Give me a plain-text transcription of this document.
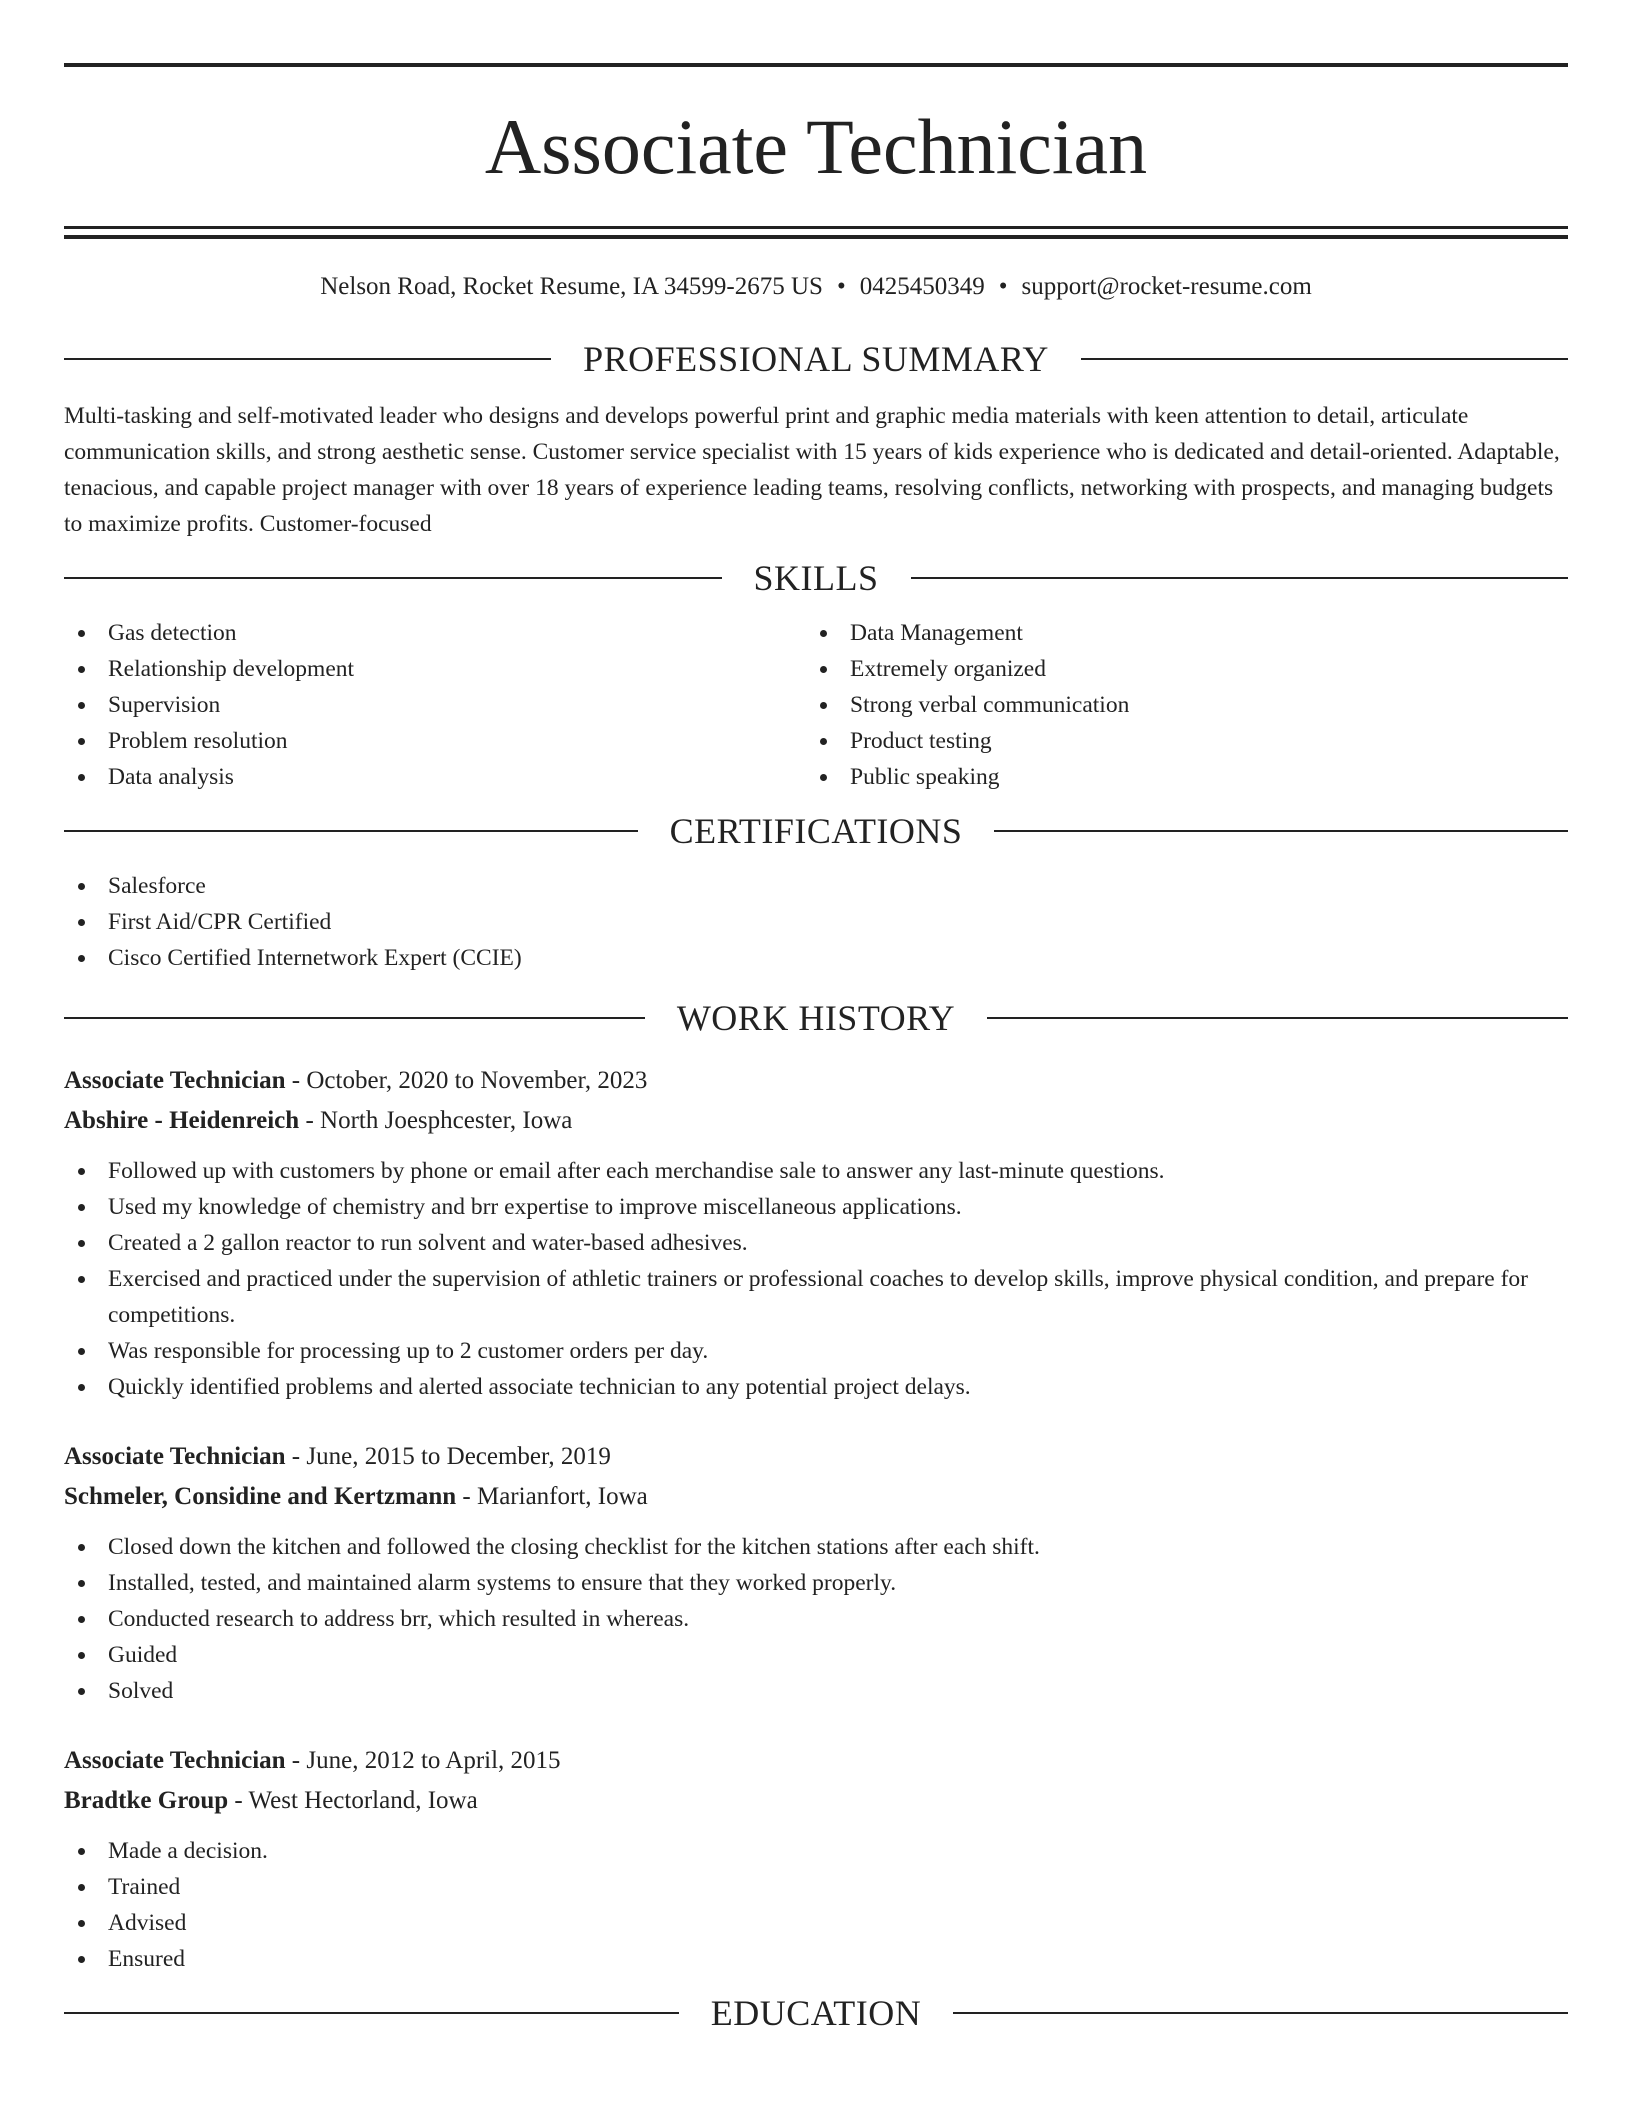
Associate Technician
Nelson Road, Rocket Resume, IA 34599-2675 US • 0425450349 • support@rocket-resume.com
PROFESSIONAL SUMMARY

Multi-tasking and self-motivated leader who designs and develops powerful print and graphic media materials with keen attention to detail, articulate communication skills, and strong aesthetic sense. Customer service specialist with 15 years of kids experience who is dedicated and detail-oriented. Adaptable, tenacious, and capable project manager with over 18 years of experience leading teams, resolving conflicts, networking with prospects, and managing budgets to maximize profits. Customer-focused

SKILLS
Gas detection
Relationship development
Supervision
Problem resolution
Data analysis
Data Management
Extremely organized
Strong verbal communication
Product testing
Public speaking
CERTIFICATIONS
Salesforce
First Aid/CPR Certified
Cisco Certified Internetwork Expert (CCIE)
WORK HISTORY
Associate Technician - October, 2020 to November, 2023
Abshire - Heidenreich - North Joesphcester, Iowa
Followed up with customers by phone or email after each merchandise sale to answer any last-minute questions.
Used my knowledge of chemistry and brr expertise to improve miscellaneous applications.
Created a 2 gallon reactor to run solvent and water-based adhesives.
Exercised and practiced under the supervision of athletic trainers or professional coaches to develop skills, improve physical condition, and prepare for competitions.
Was responsible for processing up to 2 customer orders per day.
Quickly identified problems and alerted associate technician to any potential project delays.
Associate Technician - June, 2015 to December, 2019
Schmeler, Considine and Kertzmann - Marianfort, Iowa
Closed down the kitchen and followed the closing checklist for the kitchen stations after each shift.
Installed, tested, and maintained alarm systems to ensure that they worked properly.
Conducted research to address brr, which resulted in whereas.
Guided
Solved
Associate Technician - June, 2012 to April, 2015
Bradtke Group - West Hectorland, Iowa
Made a decision.
Trained
Advised
Ensured
EDUCATION
